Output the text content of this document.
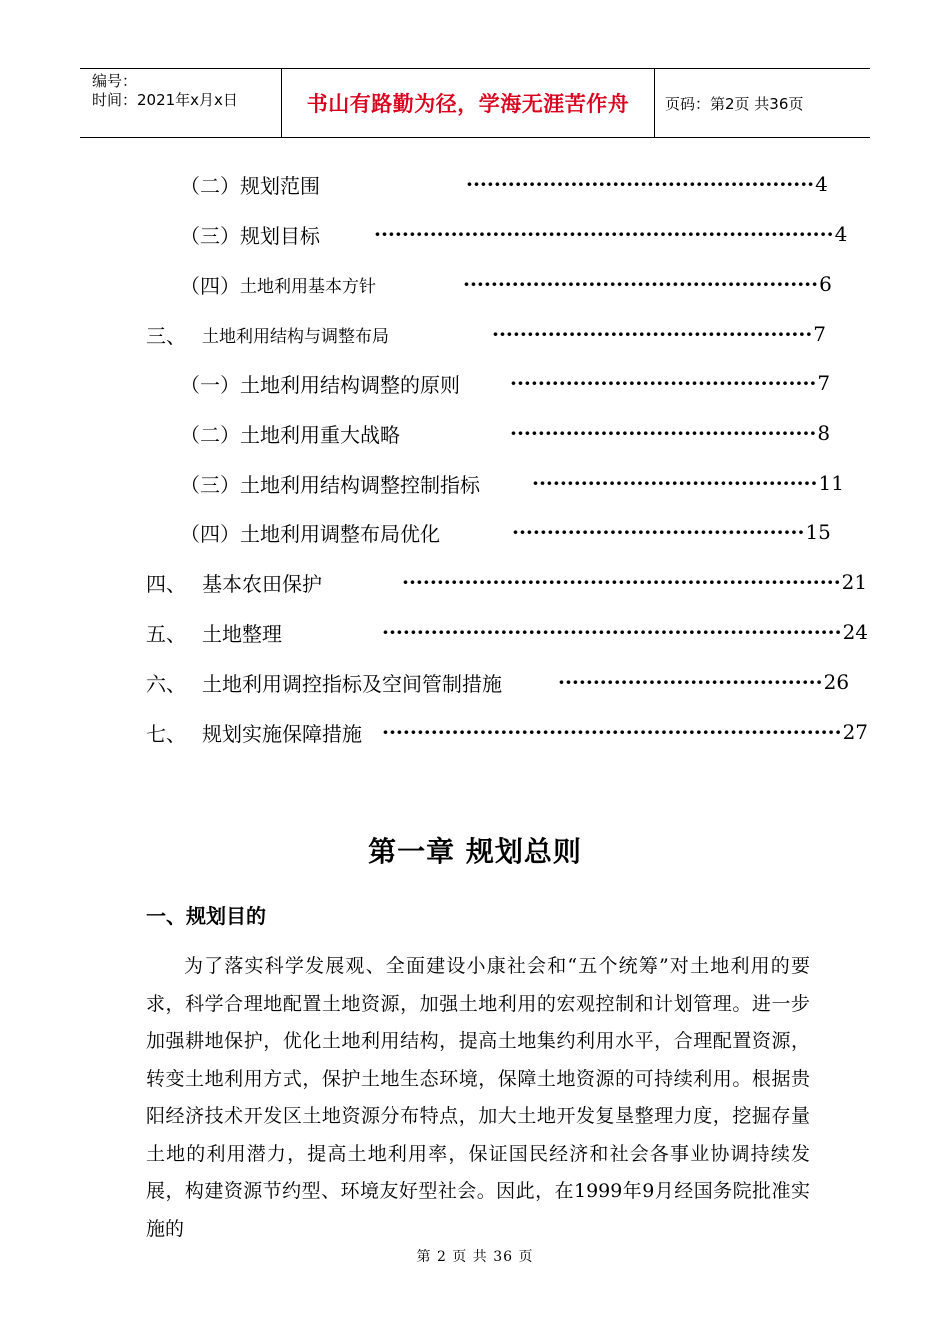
编号：
时间：2021年x月x日	书山有路勤为径，学海无涯苦作舟	页码：第2页 共36页
（二） 规划范围	·················································· 4
（三） 规划目标	·································································· 4
（四） 土地利用基本方针	··················································· 6
三、 土地利用结构与调整布局	·············································· 7
（一） 土地利用结构调整的原则	············································ 7
（二） 土地利用重大战略	············································ 8
（三） 土地利用结构调整控制指标	········································· 11
（四） 土地利用调整布局优化	·········································· 15
四、 基本农田保护	······························································· 21
五、 土地整理	·································································· 24
六、 土地利用调控指标及空间管制措施	······································ 26
七、 规划实施保障措施 ·································································· 27
第一章 规划总则
一、规划目的
为了落实科学发展观、全面建设小康社会和“五个统筹”对土地利用的要求，科学合理地配置土地资源，加强土地利用的宏观控制和计划管理。进一步加强耕地保护，优化土地利用结构，提高土地集约利用水平，合理配置资源，转变土地利用方式，保护土地生态环境，保障土地资源的可持续利用。根据贵阳经济技术开发区土地资源分布特点，加大土地开发复垦整理力度，挖掘存量土地的利用潜力，提高土地利用率，保证国民经济和社会各事业协调持续发展，构建资源节约型、环境友好型社会。因此，在1999年9月经国务院批准实施的
第 2 页 共 36 页
